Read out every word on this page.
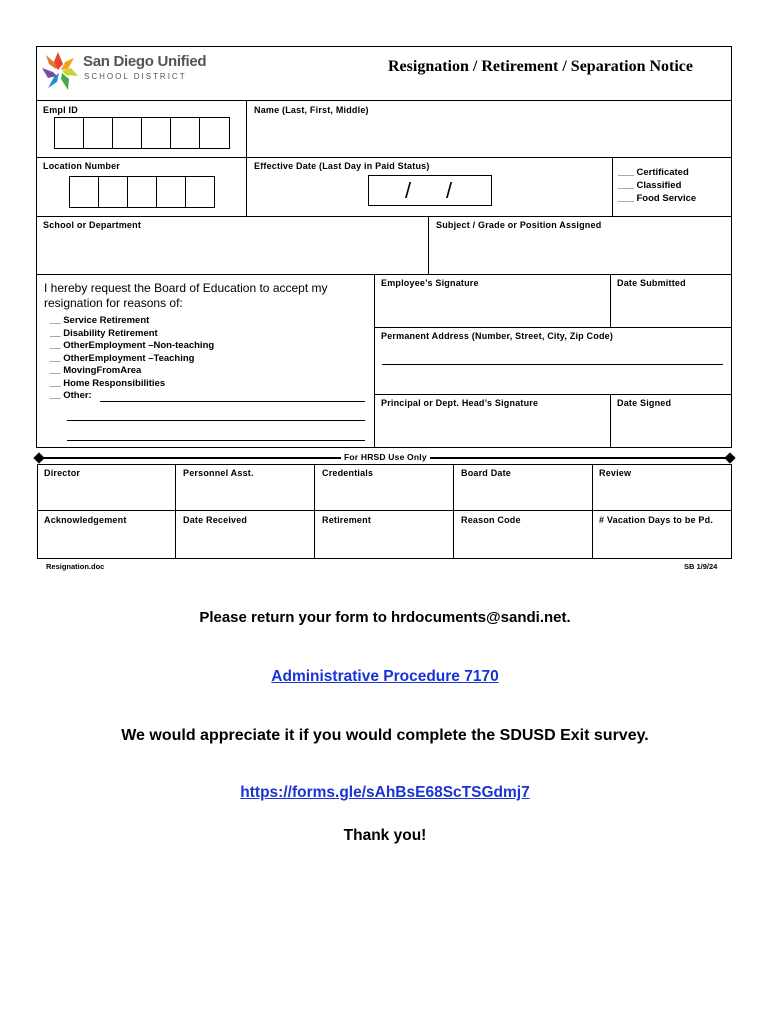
San Diego Unified
SCHOOL DISTRICT
Resignation / Retirement / Separation Notice
Empl ID	Name (Last, First, Middle)
Location Number	Effective Date (Last Day in Paid Status)
/ /
___ Certificated
___ Classified
___ Food Service
School or Department	Subject / Grade or Position Assigned
I hereby request the Board of Education to accept my
resignation for reasons of:
__ Service Retirement
__ Disability Retirement
__ OtherEmployment –Non-teaching
__ OtherEmployment –Teaching
__ MovingFromArea
__ Home Responsibilities
__ Other:
Employee’s Signature	Date Submitted
Permanent Address (Number, Street, City, Zip Code)
Principal or Dept. Head’s Signature	Date Signed
For HRSD Use Only
Director	Personnel Asst.	Credentials	Board Date	Review
Acknowledgement	Date Received	Retirement	Reason Code	# Vacation Days to be Pd.
Resignation.doc	SB 1/9/24
Please return your form to hrdocuments@sandi.net.
Administrative Procedure 7170
We would appreciate it if you would complete the SDUSD Exit survey.
https://forms.gle/sAhBsE68ScTSGdmj7
Thank you!
